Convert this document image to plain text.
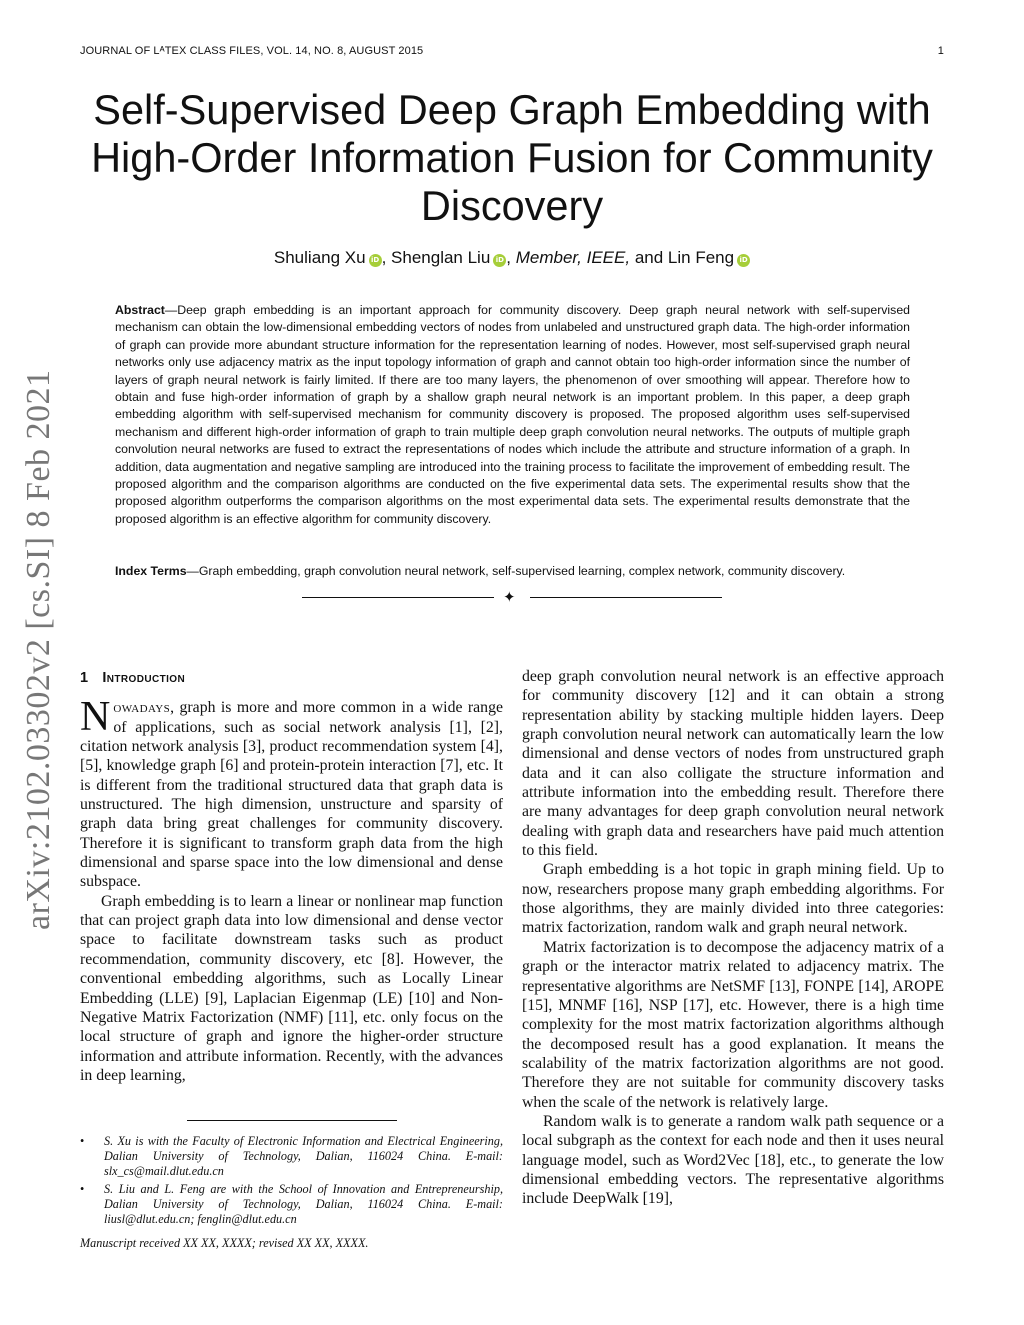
JOURNAL OF LᴬTEX CLASS FILES, VOL. 14, NO. 8, AUGUST 2015	1
Self-Supervised Deep Graph Embedding with High-Order Information Fusion for Community Discovery
Shuliang Xu iD , Shenglan Liu iD , Member, IEEE, and Lin Feng iD

Abstract—Deep graph embedding is an important approach for community discovery. Deep graph neural network with self-supervised mechanism can obtain the low-dimensional embedding vectors of nodes from unlabeled and unstructured graph data. The high-order information of graph can provide more abundant structure information for the representation learning of nodes. However, most self-supervised graph neural networks only use adjacency matrix as the input topology information of graph and cannot obtain too high-order information since the number of layers of graph neural network is fairly limited. If there are too many layers, the phenomenon of over smoothing will appear. Therefore how to obtain and fuse high-order information of graph by a shallow graph neural network is an important problem. In this paper, a deep graph embedding algorithm with self-supervised mechanism for community discovery is proposed. The proposed algorithm uses self-supervised mechanism and different high-order information of graph to train multiple deep graph convolution neural networks. The outputs of multiple graph convolution neural networks are fused to extract the representations of nodes which include the attribute and structure information of a graph. In addition, data augmentation and negative sampling are introduced into the training process to facilitate the improvement of embedding result. The proposed algorithm and the comparison algorithms are conducted on the five experimental data sets. The experimental results show that the proposed algorithm outperforms the comparison algorithms on the most experimental data sets. The experimental results demonstrate that the proposed algorithm is an effective algorithm for community discovery.

Index Terms—Graph embedding, graph convolution neural network, self-supervised learning, complex network, community discovery.

✦
arXiv:2102.03302v2 [cs.SI] 8 Feb 2021 1 Introduction

Nowadays, graph is more and more common in a wide range of applications, such as social network analysis [1], [2], citation network analysis [3], product recommendation system [4], [5], knowledge graph [6] and protein-protein interaction [7], etc. It is different from the traditional structured data that graph data is unstructured. The high dimension, unstructure and sparsity of graph data bring great challenges for community discovery. Therefore it is significant to transform graph data from the high dimensional and sparse space into the low dimensional and dense subspace.

Graph embedding is to learn a linear or nonlinear map function that can project graph data into low dimensional and dense vector space to facilitate downstream tasks such as product recommendation, community discovery, etc [8]. However, the conventional embedding algorithms, such as Locally Linear Embedding (LLE) [9], Laplacian Eigenmap (LE) [10] and Non-Negative Matrix Factorization (NMF) [11], etc. only focus on the local structure of graph and ignore the higher-order structure information and attribute information. Recently, with the advances in deep learning,

deep graph convolution neural network is an effective approach for community discovery [12] and it can obtain a strong representation ability by stacking multiple hidden layers. Deep graph convolution neural network can automatically learn the low dimensional and dense vectors of nodes from unstructured graph data and it can also colligate the structure information and attribute information into the embedding result. Therefore there are many advantages for deep graph convolution neural network dealing with graph data and researchers have paid much attention to this field.

Graph embedding is a hot topic in graph mining field. Up to now, researchers propose many graph embedding algorithms. For those algorithms, they are mainly divided into three categories: matrix factorization, random walk and graph neural network.

Matrix factorization is to decompose the adjacency matrix of a graph or the interactor matrix related to adjacency matrix. The representative algorithms are NetSMF [13], FONPE [14], AROPE [15], MNMF [16], NSP [17], etc. However, there is a high time complexity for the most matrix factorization algorithms although the decomposed result has a good explanation. It means the scalability of the matrix factorization algorithms are not good. Therefore they are not suitable for community discovery tasks when the scale of the network is relatively large.

Random walk is to generate a random walk path sequence or a local subgraph as the context for each node and then it uses neural language model, such as Word2Vec [18], etc., to generate the low dimensional embedding vectors. The representative algorithms include DeepWalk [19],

• S. Xu is with the Faculty of Electronic Information and Electrical Engineering, Dalian University of Technology, Dalian, 116024 China. E-mail: slx_cs@mail.dlut.edu.cn
• S. Liu and L. Feng are with the School of Innovation and Entrepreneurship, Dalian University of Technology, Dalian, 116024 China. E-mail: liusl@dlut.edu.cn; fenglin@dlut.edu.cn
Manuscript received XX XX, XXXX; revised XX XX, XXXX.
